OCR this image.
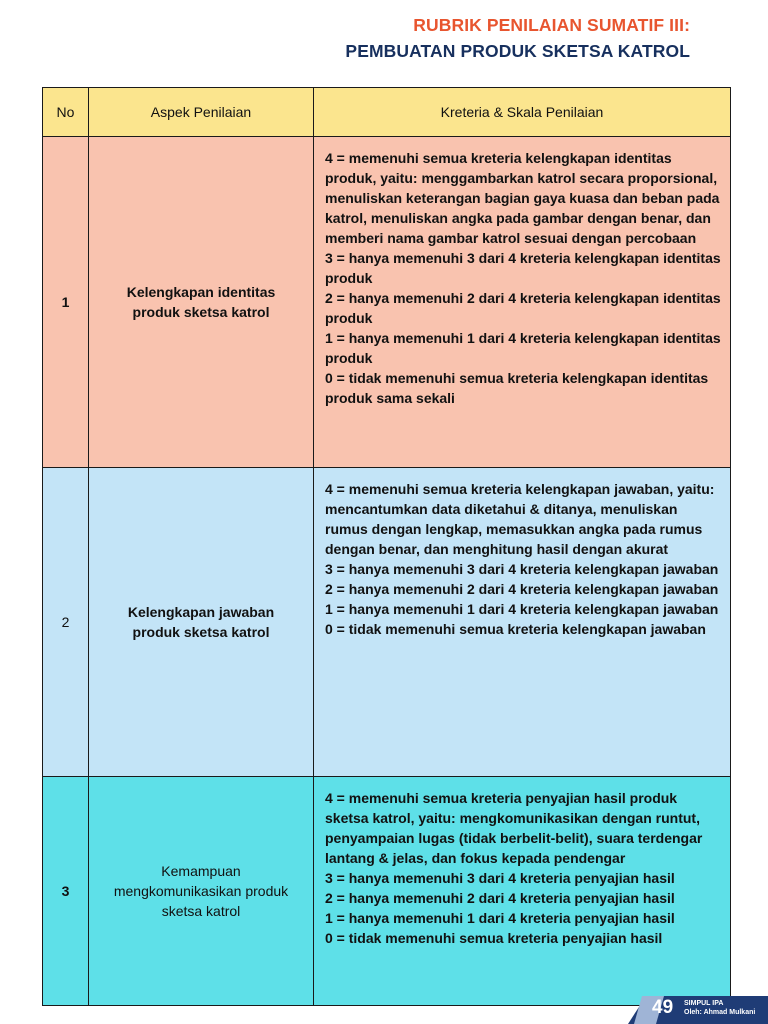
RUBRIK PENILAIAN SUMATIF III:
PEMBUATAN PRODUK SKETSA KATROL
No	Aspek Penilaian	Kreteria & Skala Penilaian
1	Kelengkapan identitas produk sketsa katrol	4 = memenuhi semua kreteria kelengkapan identitas produk, yaitu: menggambarkan katrol secara proporsional, menuliskan keterangan bagian gaya kuasa dan beban pada katrol, menuliskan angka pada gambar dengan benar, dan memberi nama gambar katrol sesuai dengan percobaan
3 = hanya memenuhi 3 dari 4 kreteria kelengkapan identitas produk
2 = hanya memenuhi 2 dari 4 kreteria kelengkapan identitas produk
1 = hanya memenuhi 1 dari 4 kreteria kelengkapan identitas produk
0 = tidak memenuhi semua kreteria kelengkapan identitas produk sama sekali

2	Kelengkapan jawaban produk sketsa katrol	4 = memenuhi semua kreteria kelengkapan jawaban, yaitu: mencantumkan data diketahui & ditanya, menuliskan rumus dengan lengkap, memasukkan angka pada rumus dengan benar, dan menghitung hasil dengan akurat
3 = hanya memenuhi 3 dari 4 kreteria kelengkapan jawaban
2 = hanya memenuhi 2 dari 4 kreteria kelengkapan jawaban
1 = hanya memenuhi 1 dari 4 kreteria kelengkapan jawaban
0 = tidak memenuhi semua kreteria kelengkapan jawaban

3	Kemampuan mengkomunikasikan produk sketsa katrol	4 = memenuhi semua kreteria penyajian hasil produk sketsa katrol, yaitu: mengkomunikasikan dengan runtut, penyampaian lugas (tidak berbelit-belit), suara terdengar lantang & jelas, dan fokus kepada pendengar
3 = hanya memenuhi 3 dari 4 kreteria penyajian hasil
2 = hanya memenuhi 2 dari 4 kreteria penyajian hasil
1 = hanya memenuhi 1 dari 4 kreteria penyajian hasil
0 = tidak memenuhi semua kreteria penyajian hasil
49 SIMPUL IPA
Oleh: Ahmad Mulkani
